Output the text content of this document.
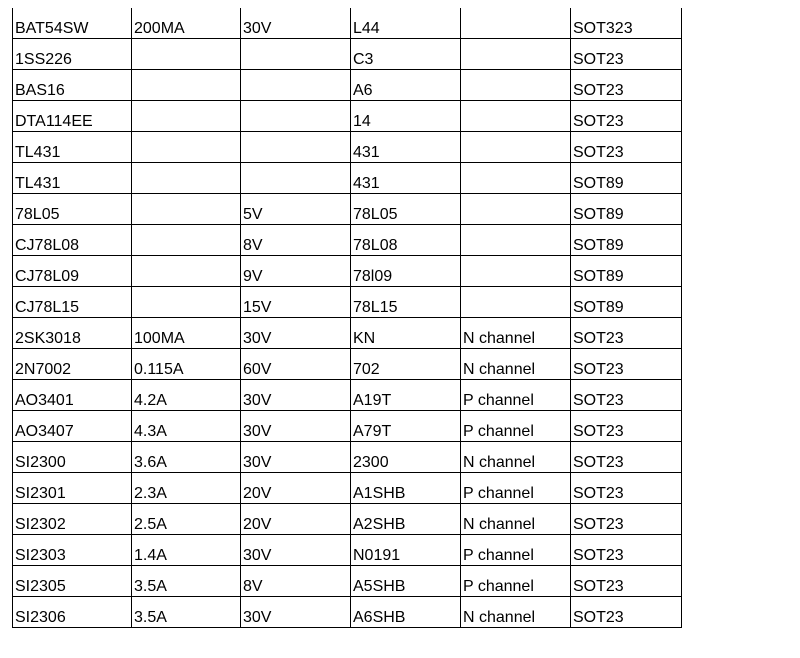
BAT54SW	200MA	30V	L44		SOT323
1SS226			C3		SOT23
BAS16			A6		SOT23
DTA114EE			14		SOT23
TL431			431		SOT23
TL431			431		SOT89
78L05		5V	78L05		SOT89
CJ78L08		8V	78L08		SOT89
CJ78L09		9V	78l09		SOT89
CJ78L15		15V	78L15		SOT89
2SK3018	100MA	30V	KN	N channel	SOT23
2N7002	0.115A	60V	702	N channel	SOT23
AO3401	4.2A	30V	A19T	P channel	SOT23
AO3407	4.3A	30V	A79T	P channel	SOT23
SI2300	3.6A	30V	2300	N channel	SOT23
SI2301	2.3A	20V	A1SHB	P channel	SOT23
SI2302	2.5A	20V	A2SHB	N channel	SOT23
SI2303	1.4A	30V	N0191	P channel	SOT23
SI2305	3.5A	8V	A5SHB	P channel	SOT23
SI2306	3.5A	30V	A6SHB	N channel	SOT23
